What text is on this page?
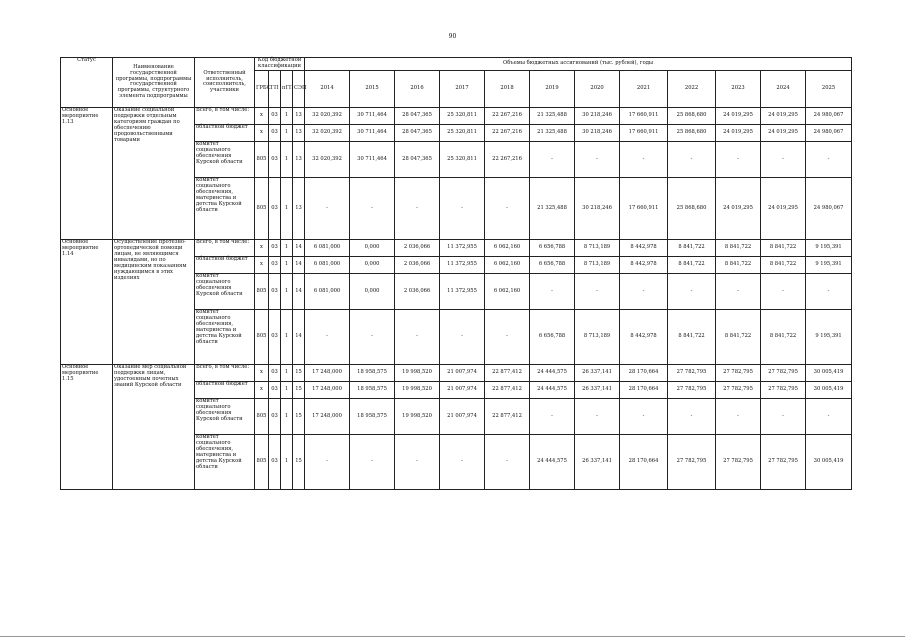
90
Статус	Наименование государственной программы, подпрограммы государственной программы, структурного элемента подпрограммы	Ответственный исполнитель, соисполнитель, участники	Код бюджетной классификации				Объемы бюджетных ассигнований (тыс. рублей), годы											
			ГРБС	ГП	пГП	СЭП	2014	2015	2016	2017	2018	2019	2020	2021	2022	2023	2024	2025
Основное мероприятие 1.13	Оказание социальной поддержки отдельным категориям граждан по обеспечению продовольственными товарами	Всего, в том числе:	х	03	1	13	32 020,392	30 711,464	28 047,365	25 320,811	22 267,216	21 325,488	30 218,246	17 660,911	25 868,680	24 019,295	24 019,295	24 980,067
		областной бюджет	х	03	1	13	32 020,392	30 711,464	28 047,365	25 320,811	22 267,216	21 325,488	30 218,246	17 660,911	25 868,680	24 019,295	24 019,295	24 980,067
		комитет социального обеспечения Курской области	805	03	1	13	32 020,392	30 711,464	28 047,365	25 320,811	22 267,216	-	-	-	-	-	-	-
		комитет социального обеспечения, материнства и детства Курской области	805	03	1	13	-	-	-	-	-	21 325,488	30 218,246	17 660,911	25 868,680	24 019,295	24 019,295	24 980,067
Основное мероприятие 1.14	Осуществление протезно-ортопедической помощи лицам, не являющимся инвалидами, но по медицинским показаниям нуждающимся в этих изделиях	Всего, в том числе:	х	03	1	14	6 081,000	0,000	2 036,066	11 372,955	6 062,160	6 656,788	8 713,189	8 442,978	8 841,722	8 841,722	8 841,722	9 195,391
		областной бюджет	х	03	1	14	6 081,000	0,000	2 036,066	11 372,955	6 062,160	6 656,788	8 713,189	8 442,978	8 841,722	8 841,722	8 841,722	9 195,391
		комитет социального обеспечения Курской области	805	03	1	14	6 081,000	0,000	2 036,066	11 372,955	6 062,160	-	-	-	-	-	-	-
		комитет социального обеспечения, материнства и детства Курской области	805	03	1	14	-	-	-	-	-	6 656,788	8 713,189	8 442,978	8 841,722	8 841,722	8 841,722	9 195,391
Основное мероприятие 1.15	Оказание мер социальной поддержки лицам, удостоенным почетных званий Курской области	Всего, в том числе:	х	03	1	15	17 248,000	18 958,575	19 998,520	21 007,974	22 877,412	24 444,575	26 337,141	28 170,664	27 782,795	27 782,795	27 782,795	30 005,419
		областной бюджет	х	03	1	15	17 248,000	18 958,575	19 998,520	21 007,974	22 877,412	24 444,575	26 337,141	28 170,664	27 782,795	27 782,795	27 782,795	30 005,419
		комитет социального обеспечения Курской области	805	03	1	15	17 248,000	18 958,575	19 998,520	21 007,974	22 877,412	-	-	-	-	-	-	-
		комитет социального обеспечения, материнства и детства Курской области	805	03	1	15	-	-	-	-	-	24 444,575	26 337,141	28 170,664	27 782,795	27 782,795	27 782,795	30 005,419
